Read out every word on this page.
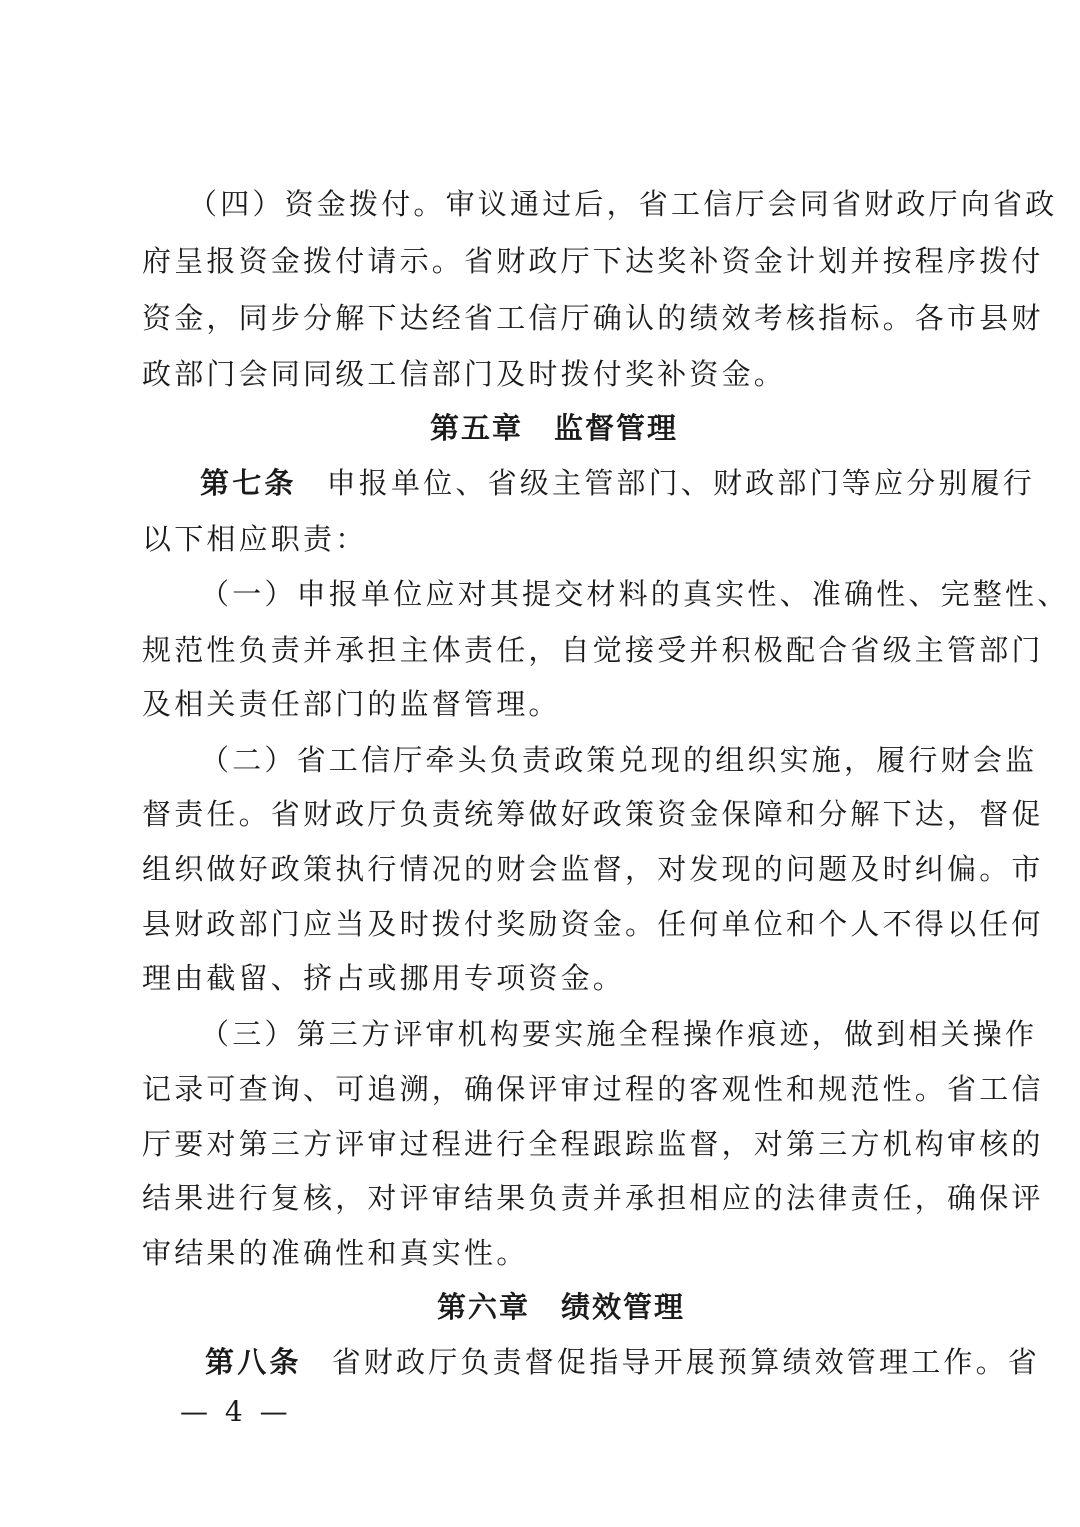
（四）资金拨付。审议通过后，省工信厅会同省财政厅向省政
府呈报资金拨付请示。省财政厅下达奖补资金计划并按程序拨付
资金，同步分解下达经省工信厅确认的绩效考核指标。各市县财
政部门会同同级工信部门及时拨付奖补资金。
第五章　监督管理
第七条 申报单位、省级主管部门、财政部门等应分别履行
以下相应职责：
（一）申报单位应对其提交材料的真实性、准确性、完整性、
规范性负责并承担主体责任，自觉接受并积极配合省级主管部门
及相关责任部门的监督管理。
（二）省工信厅牵头负责政策兑现的组织实施，履行财会监
督责任。省财政厅负责统筹做好政策资金保障和分解下达，督促
组织做好政策执行情况的财会监督，对发现的问题及时纠偏。市
县财政部门应当及时拨付奖励资金。任何单位和个人不得以任何
理由截留、挤占或挪用专项资金。
（三）第三方评审机构要实施全程操作痕迹，做到相关操作
记录可查询、可追溯，确保评审过程的客观性和规范性。省工信
厅要对第三方评审过程进行全程跟踪监督，对第三方机构审核的
结果进行复核，对评审结果负责并承担相应的法律责任，确保评
审结果的准确性和真实性。
第六章　绩效管理
第八条 省财政厅负责督促指导开展预算绩效管理工作。省
— 4 —
